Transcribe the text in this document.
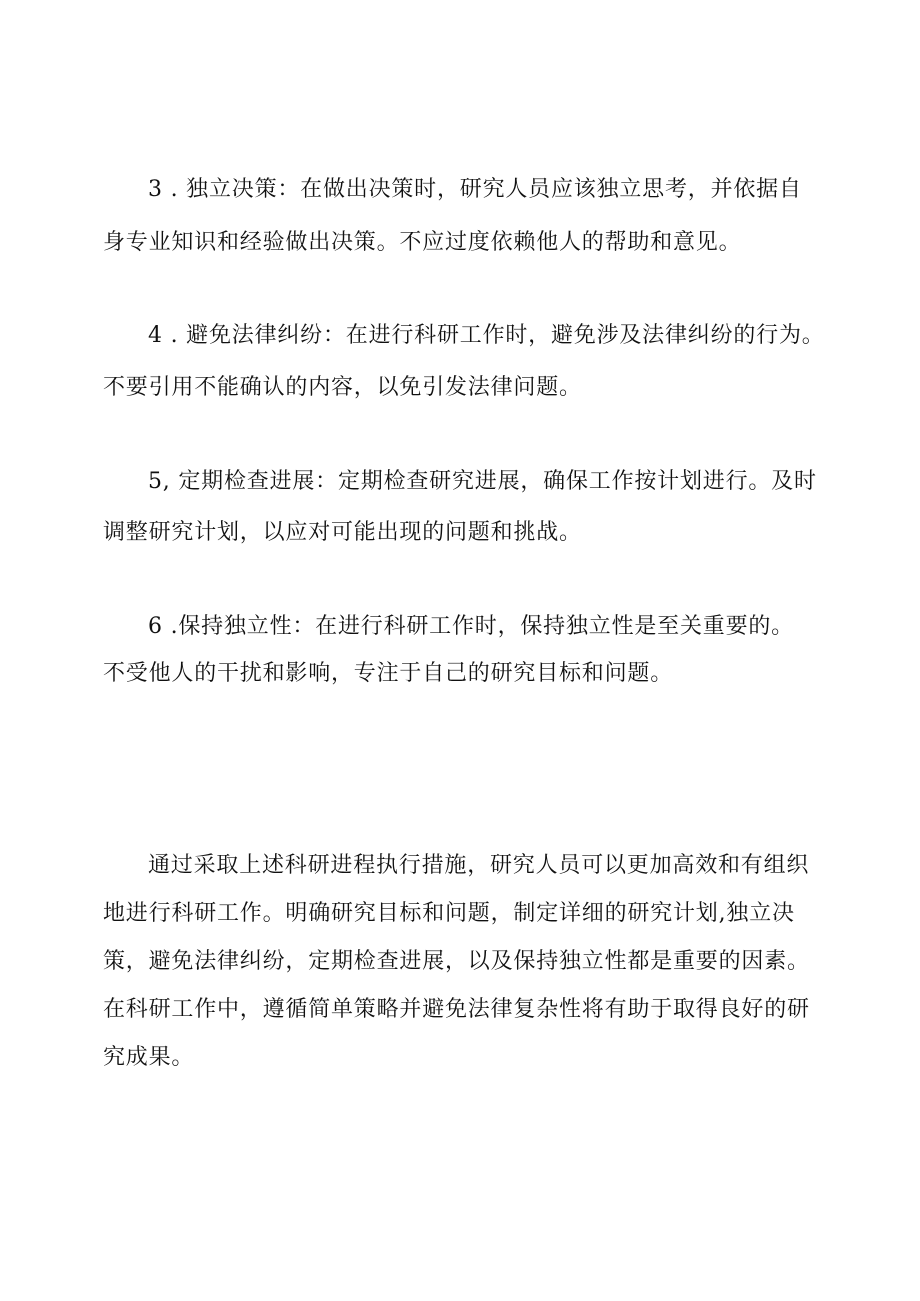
3 . 独立决策：在做出决策时，研究人员应该独立思考，并依据自
身专业知识和经验做出决策。不应过度依赖他人的帮助和意见。
4 . 避免法律纠纷：在进行科研工作时，避免涉及法律纠纷的行为。
不要引用不能确认的内容，以免引发法律问题。
5, 定期检查进展：定期检查研究进展，确保工作按计划进行。及时
调整研究计划，以应对可能出现的问题和挑战。
6 .保持独立性：在进行科研工作时，保持独立性是至关重要的。
不受他人的干扰和影响，专注于自己的研究目标和问题。
通过采取上述科研进程执行措施，研究人员可以更加高效和有组织
地进行科研工作。明确研究目标和问题，制定详细的研究计划,独立决
策，避免法律纠纷，定期检查进展，以及保持独立性都是重要的因素。
在科研工作中，遵循简单策略并避免法律复杂性将有助于取得良好的研
究成果。
